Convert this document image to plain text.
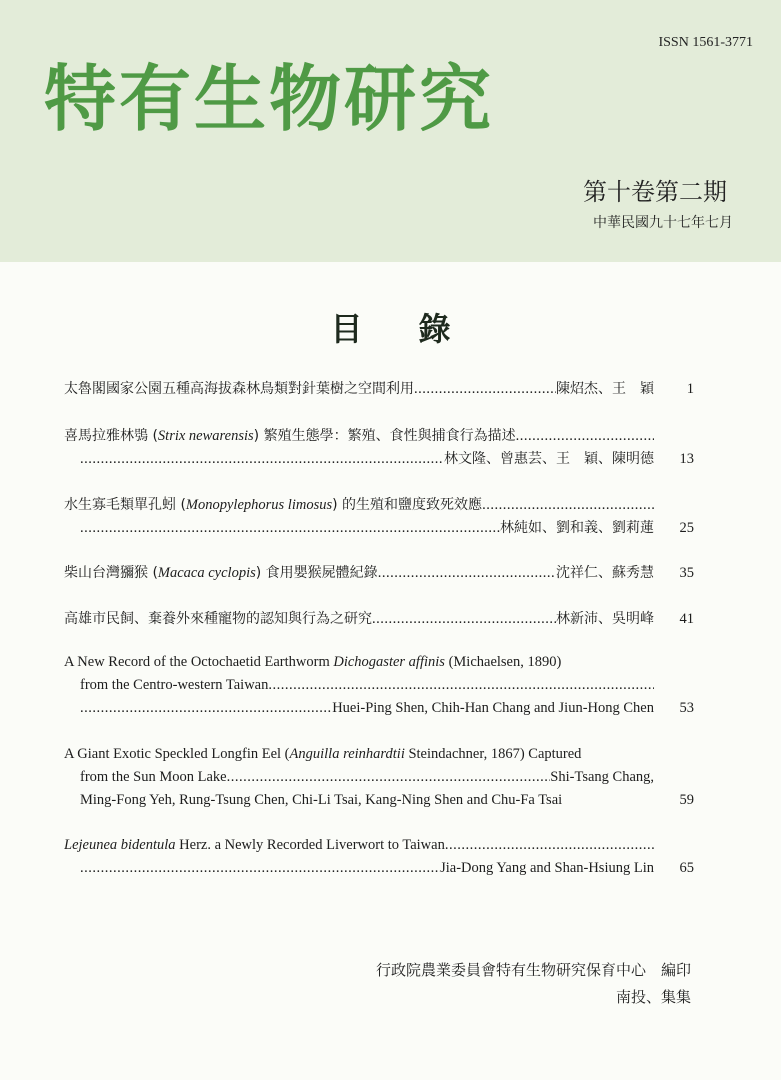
ISSN 1561-3771
特有生物研究
第十卷第二期
中華民國九十七年七月
目錄
太魯閣國家公園五種高海拔森林鳥類對針葉樹之空間利用 .....	陳炤杰、王　穎	1
喜馬拉雅林鴞 (Strix newarensis) 繁殖生態學：繁殖、食性與捕食行為描述
.....
.....
林文隆、曾惠芸、王　穎、陳明德	13
水生寡毛類單孔蚓 (Monopylephorus limosus) 的生殖和鹽度致死效應
.....
.....
林純如、劉和義、劉莉蓮	25
柴山台灣獼猴 (Macaca cyclopis) 食用嬰猴屍體紀錄 .....	沈祥仁、蘇秀慧	35
高雄市民飼、棄養外來種寵物的認知與行為之研究 .....	林新沛、吳明峰	41
A New Record of the Octochaetid Earthworm Dichogaster affinis (Michaelsen, 1890)
from the Centro-western Taiwan
.....
.....
Huei-Ping Shen, Chih-Han Chang and Jiun-Hong Chen	53
A Giant Exotic Speckled Longfin Eel (Anguilla reinhardtii Steindachner, 1867) Captured
from the Sun Moon Lake .....	Shi-Tsang Chang,
Ming-Fong Yeh, Rung-Tsung Chen, Chi-Li Tsai, Kang-Ning Shen and Chu-Fa Tsai	59
Lejeunea bidentula Herz. a Newly Recorded Liverwort to Taiwan
.....
.....
Jia-Dong Yang and Shan-Hsiung Lin	65
行政院農業委員會特有生物研究保育中心　編印
南投、集集
